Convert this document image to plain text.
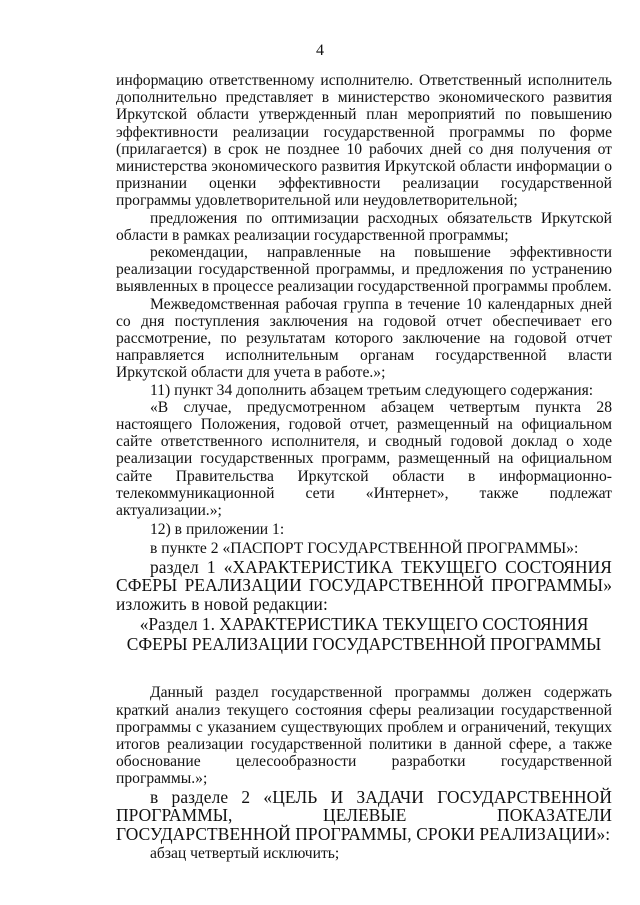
4

информацию ответственному исполнителю. Ответственный исполнитель дополнительно представляет в министерство экономического развития Иркутской области утвержденный план мероприятий по повышению эффективности реализации государственной программы по форме (прилагается) в срок не позднее 10 рабочих дней со дня получения от министерства экономического развития Иркутской области информации о признании оценки эффективности реализации государственной программы удовлетворительной или неудовлетворительной;

предложения по оптимизации расходных обязательств Иркутской области в рамках реализации государственной программы;

рекомендации, направленные на повышение эффективности реализации государственной программы, и предложения по устранению выявленных в процессе реализации государственной программы проблем.

Межведомственная рабочая группа в течение 10 календарных дней со дня поступления заключения на годовой отчет обеспечивает его рассмотрение, по результатам которого заключение на годовой отчет направляется исполнительным органам государственной власти Иркутской области для учета в работе.»;

11) пункт 34 дополнить абзацем третьим следующего содержания:

«В случае, предусмотренном абзацем четвертым пункта 28 настоящего Положения, годовой отчет, размещенный на официальном сайте ответственного исполнителя, и сводный годовой доклад о ходе реализации государственных программ, размещенный на официальном сайте Правительства Иркутской области в информационно-телекоммуникационной сети «Интернет», также подлежат актуализации.»;

12) в приложении 1:

в пункте 2 «ПАСПОРТ ГОСУДАРСТВЕННОЙ ПРОГРАММЫ»:

раздел 1 «ХАРАКТЕРИСТИКА ТЕКУЩЕГО СОСТОЯНИЯ СФЕРЫ РЕАЛИЗАЦИИ ГОСУДАРСТВЕННОЙ ПРОГРАММЫ» изложить в новой редакции:

«Раздел 1. ХАРАКТЕРИСТИКА ТЕКУЩЕГО СОСТОЯНИЯ СФЕРЫ РЕАЛИЗАЦИИ ГОСУДАРСТВЕННОЙ ПРОГРАММЫ

Данный раздел государственной программы должен содержать краткий анализ текущего состояния сферы реализации государственной программы с указанием существующих проблем и ограничений, текущих итогов реализации государственной политики в данной сфере, а также обоснование целесообразности разработки государственной программы.»;

в разделе 2 «ЦЕЛЬ И ЗАДАЧИ ГОСУДАРСТВЕННОЙ ПРОГРАММЫ, ЦЕЛЕВЫЕ ПОКАЗАТЕЛИ ГОСУДАРСТВЕННОЙ ПРОГРАММЫ, СРОКИ РЕАЛИЗАЦИИ»:

абзац четвертый исключить;
